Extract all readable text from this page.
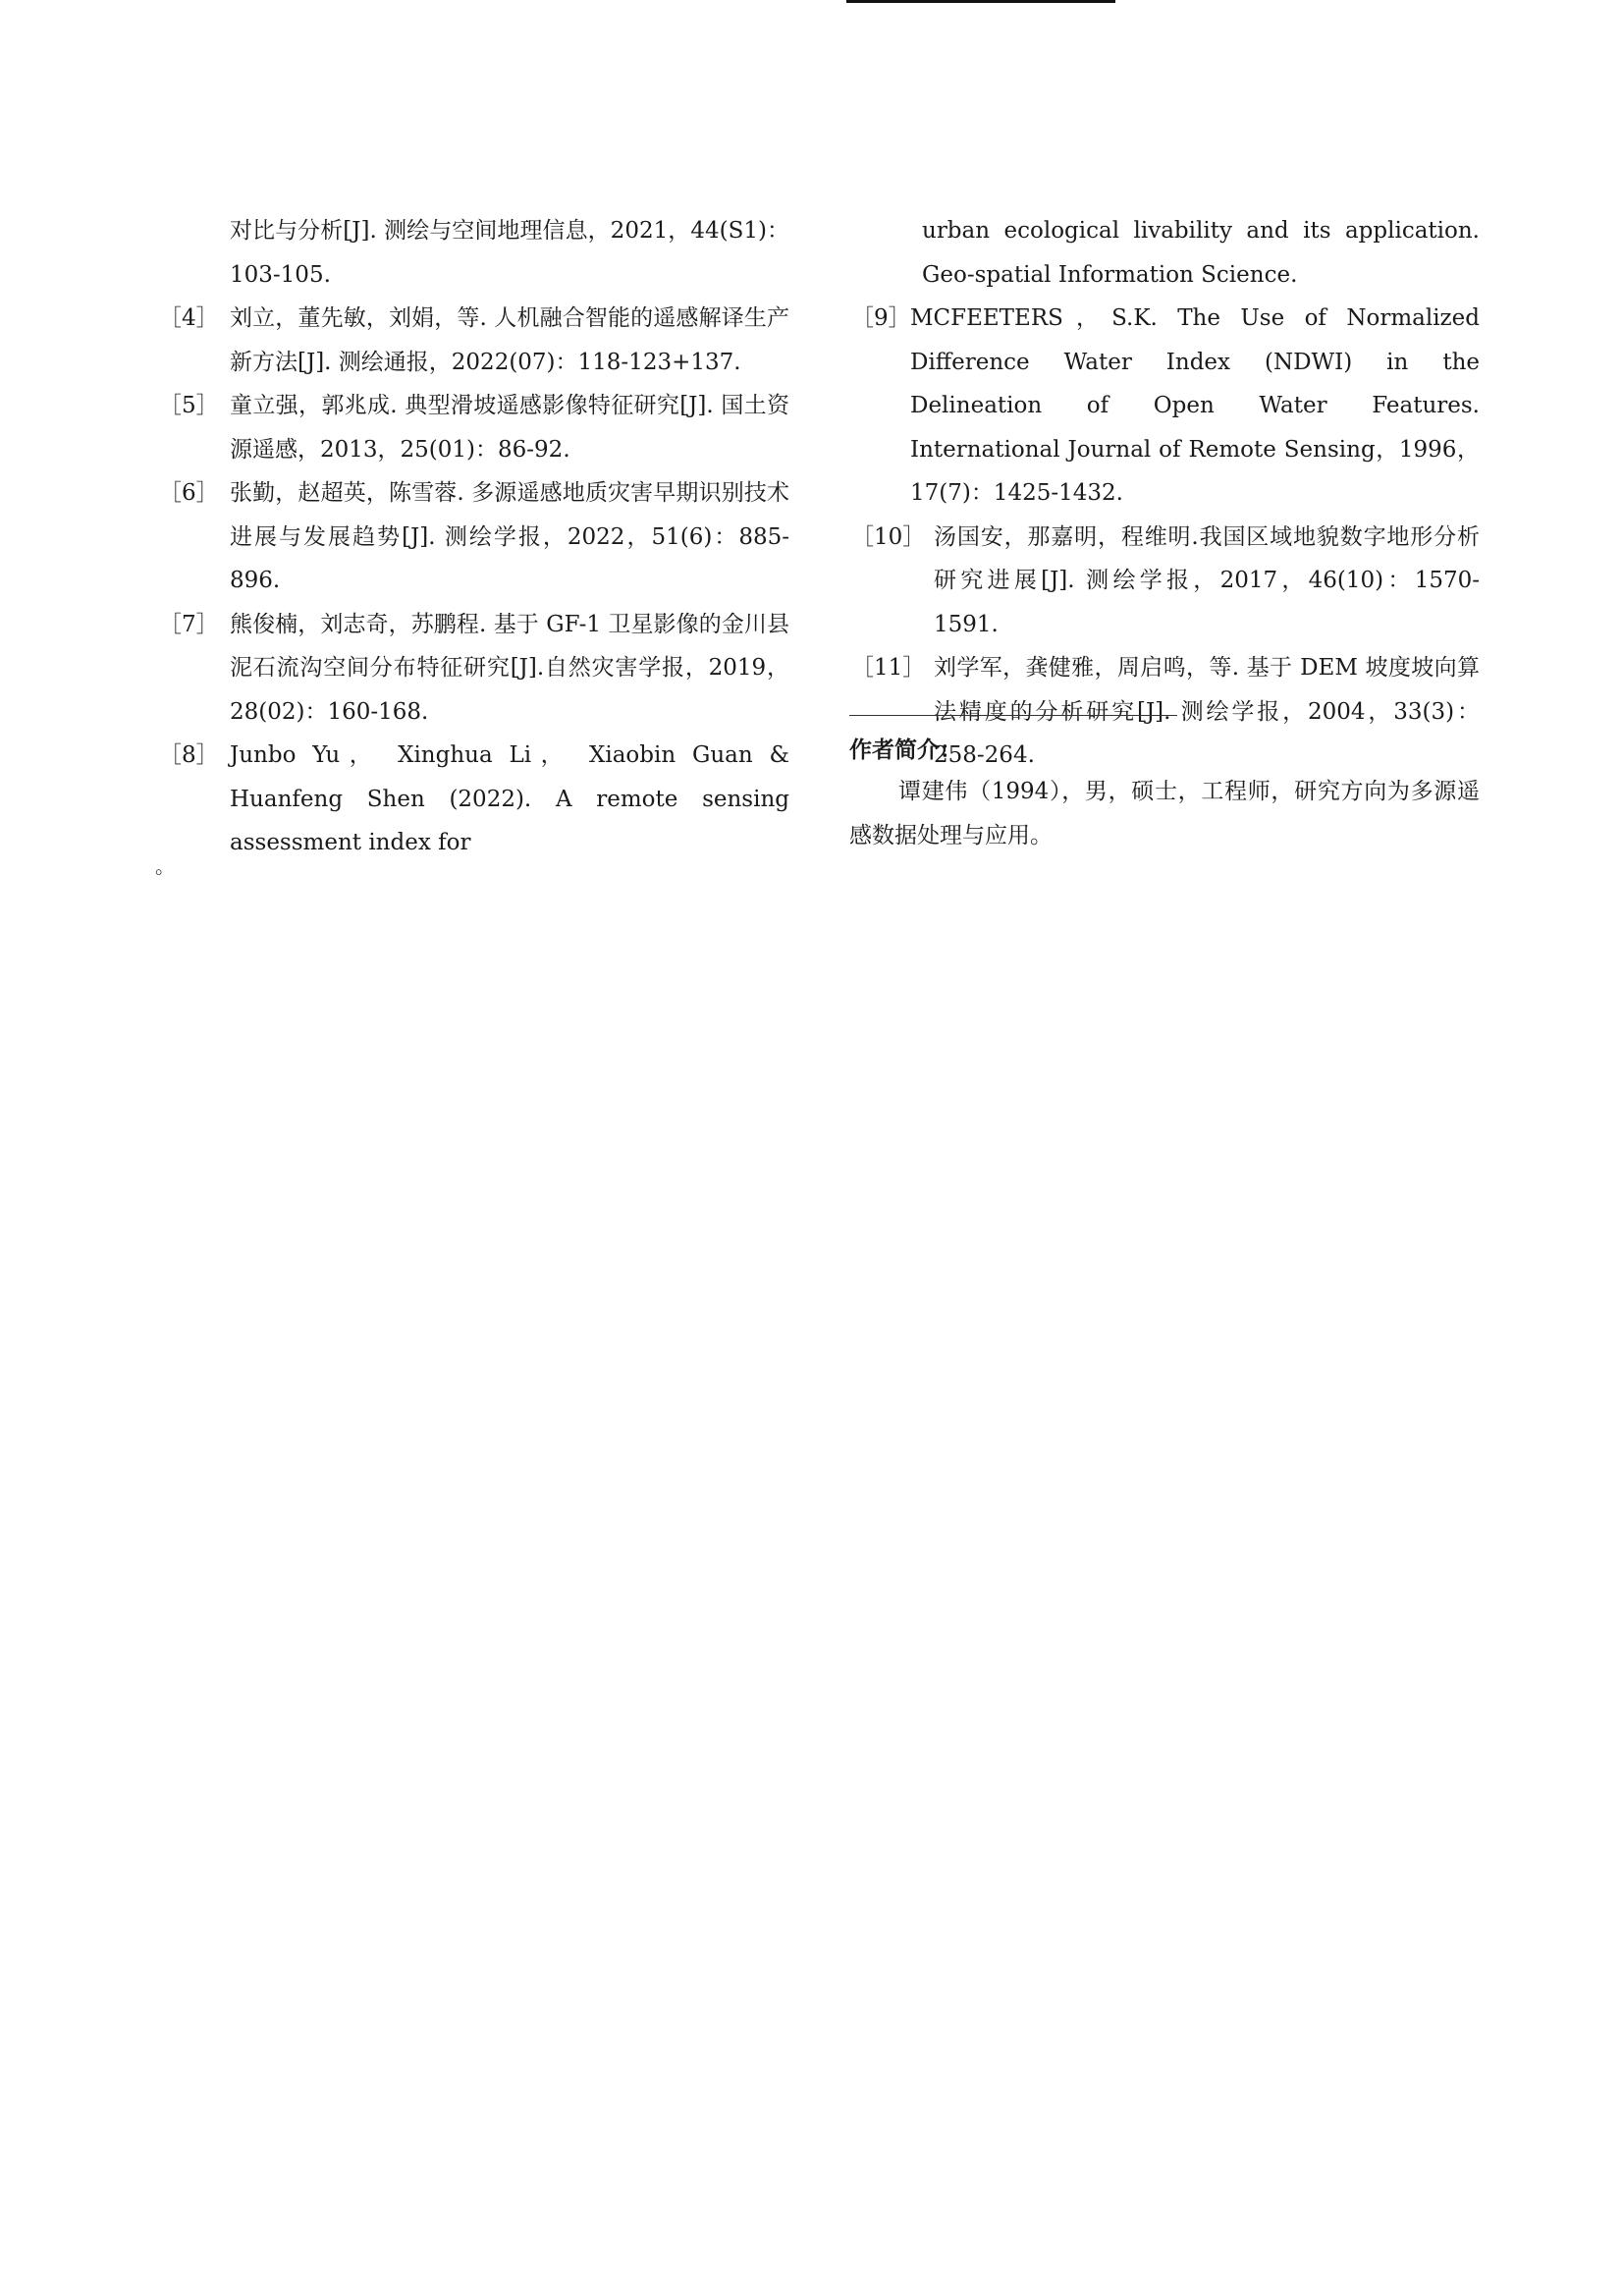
对比与分析[J]. 测绘与空间地理信息，2021，44(S1)：103-105.

［4］ 刘立，董先敏，刘娟，等. 人机融合智能的遥感解译生产新方法[J]. 测绘通报，2022(07)：118-123+137.

［5］ 童立强，郭兆成. 典型滑坡遥感影像特征研究[J]. 国土资源遥感，2013，25(01)：86-92.

［6］ 张勤，赵超英，陈雪蓉. 多源遥感地质灾害早期识别技术进展与发展趋势[J]. 测绘学报，2022，51(6)：885-896.

［7］ 熊俊楠，刘志奇，苏鹏程. 基于 GF-1 卫星影像的金川县泥石流沟空间分布特征研究[J].自然灾害学报，2019，28(02)：160-168.

［8］ Junbo Yu， Xinghua Li， Xiaobin Guan & Huanfeng Shen (2022). A remote sensing assessment index for

urban ecological livability and its application. Geo-spatial Information Science.

［9］ MCFEETERS，S.K. The Use of Normalized Difference Water Index (NDWI) in the Delineation of Open Water Features. International Journal of Remote Sensing，1996，17(7)：1425-1432.

［10］ 汤国安，那嘉明，程维明.我国区域地貌数字地形分析研究进展[J]. 测绘学报，2017，46(10)：1570-1591.

［11］ 刘学军，龚健雅，周启鸣，等. 基于 DEM 坡度坡向算法精度的分析研究[J]. 测绘学报，2004，33(3)：258-264.

作者简介：

谭建伟（1994），男，硕士，工程师，研究方向为多源遥感数据处理与应用。

。
